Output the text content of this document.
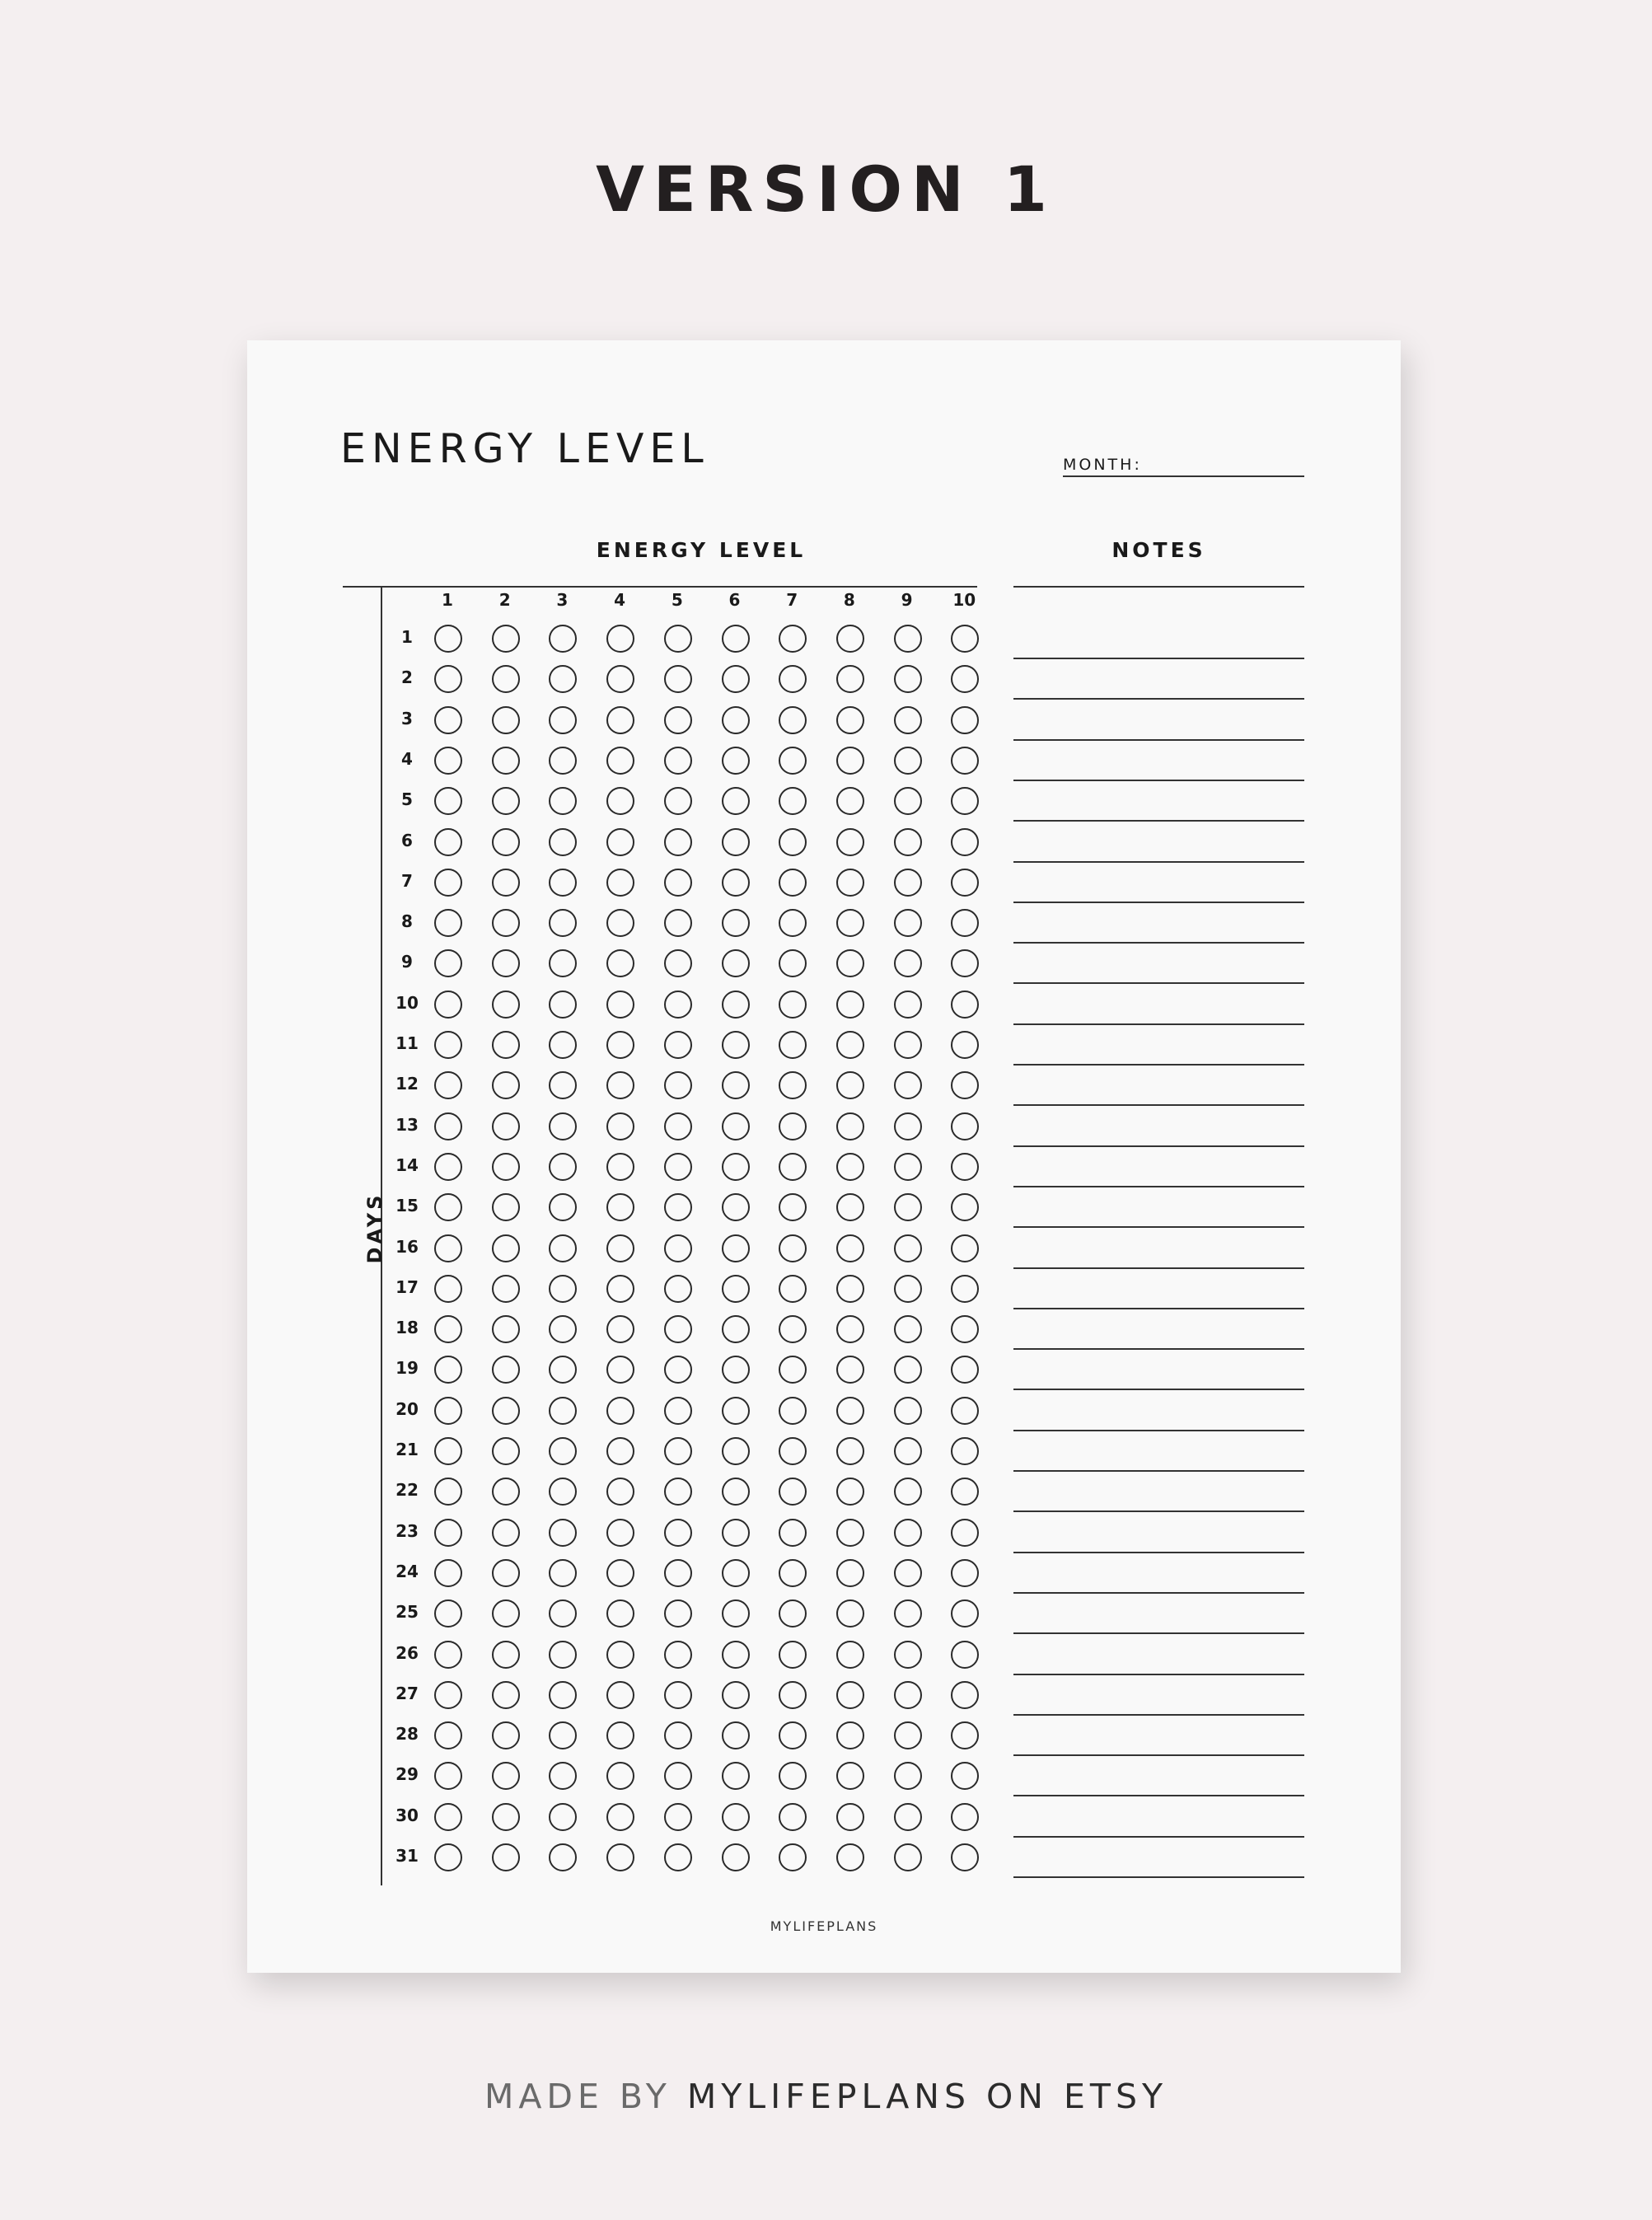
VERSION 1
ENERGY LEVEL	MONTH:
ENERGY LEVEL	NOTES
DAYS
MYLIFEPLANS
1	2	3	4	5	6	7	8	9	10
1
2
3
4
5
6
7
8
9
10
11
12
13
14
15
16
17
18
19
20
21
22
23
24
25
26
27
28
29
30
31
MADE BY MYLIFEPLANS ON ETSY
